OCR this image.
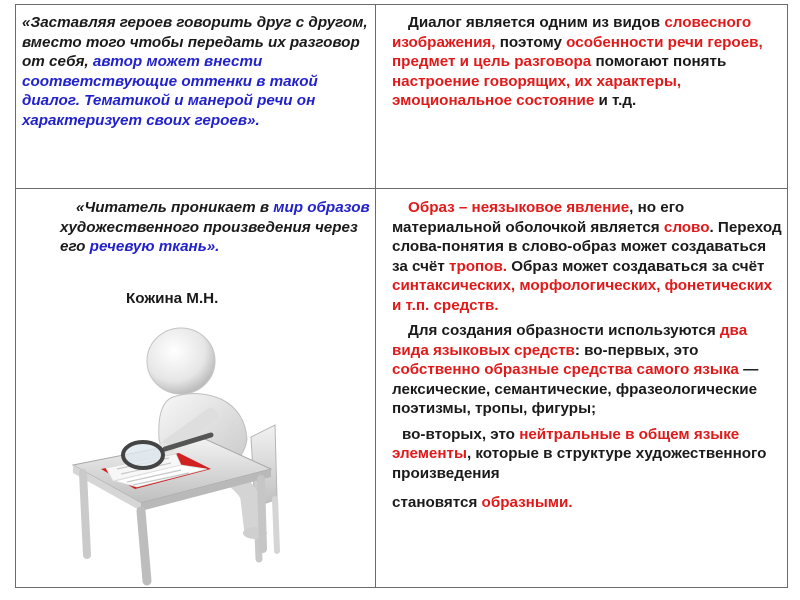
«Заставляя героев говорить друг с другом, вместо того чтобы передать их разговор от себя, автор может внести соответствующие оттенки в такой диалог. Тематикой и манерой речи он характеризует своих героев».
Диалог является одним из видов словесного изображения, поэтому особенности речи героев, предмет и цель разговора помогают понять настроение говорящих, их характеры, эмоциональное состояние и т.д.
«Читатель проникает в мир образов художественного произведения через его речевую ткань».
Кожина М.Н.

Образ – неязыковое явление, но его материальной оболочкой является слово. Переход слова-понятия в слово-образ может создаваться за счёт тропов. Образ может создаваться за счёт синтаксических, морфологических, фонетических и т.п. средств.

Для создания образности используются два вида языковых средств: во-первых, это собственно образные средства самого языка — лексические, семантические, фразеологические поэтизмы, тропы, фигуры;

во-вторых, это нейтральные в общем языке элементы, которые в структуре художественного произведения

становятся образными.
